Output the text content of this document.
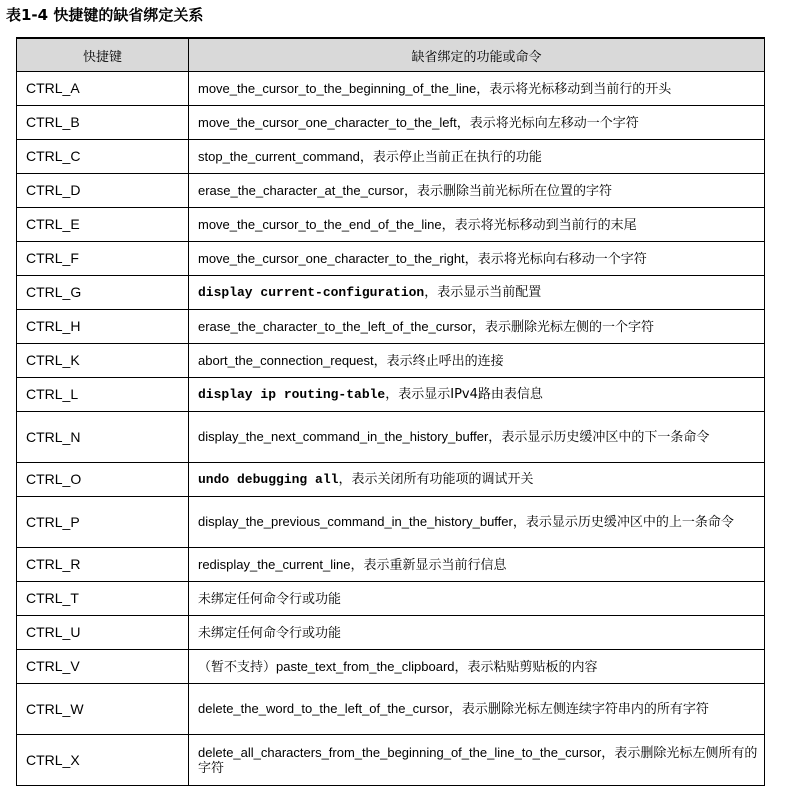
表1-4 快捷键的缺省绑定关系
快捷键	缺省绑定的功能或命令
CTRL_A	move_the_cursor_to_the_beginning_of_the_line，表示将光标移动到当前行的开头
CTRL_B	move_the_cursor_one_character_to_the_left，表示将光标向左移动一个字符
CTRL_C	stop_the_current_command，表示停止当前正在执行的功能
CTRL_D	erase_the_character_at_the_cursor，表示删除当前光标所在位置的字符
CTRL_E	move_the_cursor_to_the_end_of_the_line，表示将光标移动到当前行的末尾
CTRL_F	move_the_cursor_one_character_to_the_right，表示将光标向右移动一个字符
CTRL_G	display current-configuration，表示显示当前配置
CTRL_H	erase_the_character_to_the_left_of_the_cursor，表示删除光标左侧的一个字符
CTRL_K	abort_the_connection_request，表示终止呼出的连接
CTRL_L	display ip routing-table，表示显示IPv4路由表信息
CTRL_N	display_the_next_command_in_the_history_buffer，表示显示历史缓冲区中的下一条命令
CTRL_O	undo debugging all，表示关闭所有功能项的调试开关
CTRL_P	display_the_previous_command_in_the_history_buffer，表示显示历史缓冲区中的上一条命令
CTRL_R	redisplay_the_current_line，表示重新显示当前行信息
CTRL_T	未绑定任何命令行或功能
CTRL_U	未绑定任何命令行或功能
CTRL_V	（暂不支持）paste_text_from_the_clipboard，表示粘贴剪贴板的内容
CTRL_W	delete_the_word_to_the_left_of_the_cursor，表示删除光标左侧连续字符串内的所有字符
CTRL_X	delete_all_characters_from_the_beginning_of_the_line_to_the_cursor，表示删除光标左侧所有的字符
